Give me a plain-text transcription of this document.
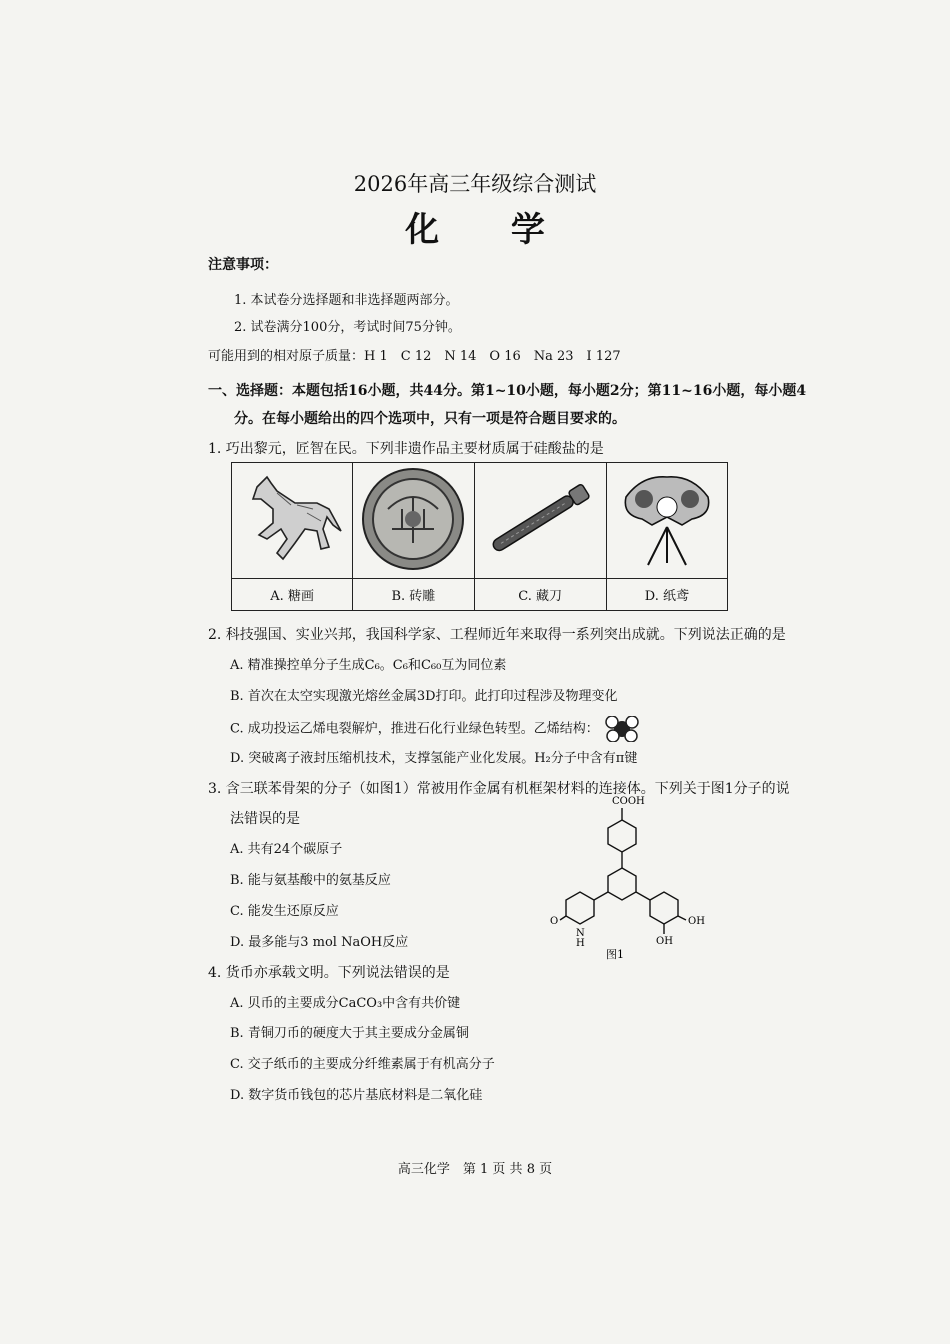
2026年高三年级综合测试
化 学
注意事项：
1. 本试卷分选择题和非选择题两部分。
2. 试卷满分100分，考试时间75分钟。
可能用到的相对原子质量：H 1　C 12　N 14　O 16　Na 23　I 127
一、选择题：本题包括16小题，共44分。第1~10小题，每小题2分；第11~16小题，每小题4
分。在每小题给出的四个选项中，只有一项是符合题目要求的。
1. 巧出黎元，匠智在民。下列非遗作品主要材质属于硅酸盐的是

A. 糖画	B. 砖雕	C. 藏刀	D. 纸鸢
2. 科技强国、实业兴邦，我国科学家、工程师近年来取得一系列突出成就。下列说法正确的是
A. 精准操控单分子生成C₆。C₆和C₆₀互为同位素
B. 首次在太空实现激光熔丝金属3D打印。此打印过程涉及物理变化
C. 成功投运乙烯电裂解炉，推进石化行业绿色转型。乙烯结构：
D. 突破离子液封压缩机技术，支撑氢能产业化发展。H₂分子中含有π键
3. 含三联苯骨架的分子（如图1）常被用作金属有机框架材料的连接体。下列关于图1分子的说
法错误的是
A. 共有24个碳原子
B. 能与氨基酸中的氨基反应
C. 能发生还原反应
D. 最多能与3 mol NaOH反应
COOH
OH
OH
O
N
H
图1
4. 货币亦承载文明。下列说法错误的是
A. 贝币的主要成分CaCO₃中含有共价键
B. 青铜刀币的硬度大于其主要成分金属铜
C. 交子纸币的主要成分纤维素属于有机高分子
D. 数字货币钱包的芯片基底材料是二氧化硅
高三化学　第 1 页 共 8 页
